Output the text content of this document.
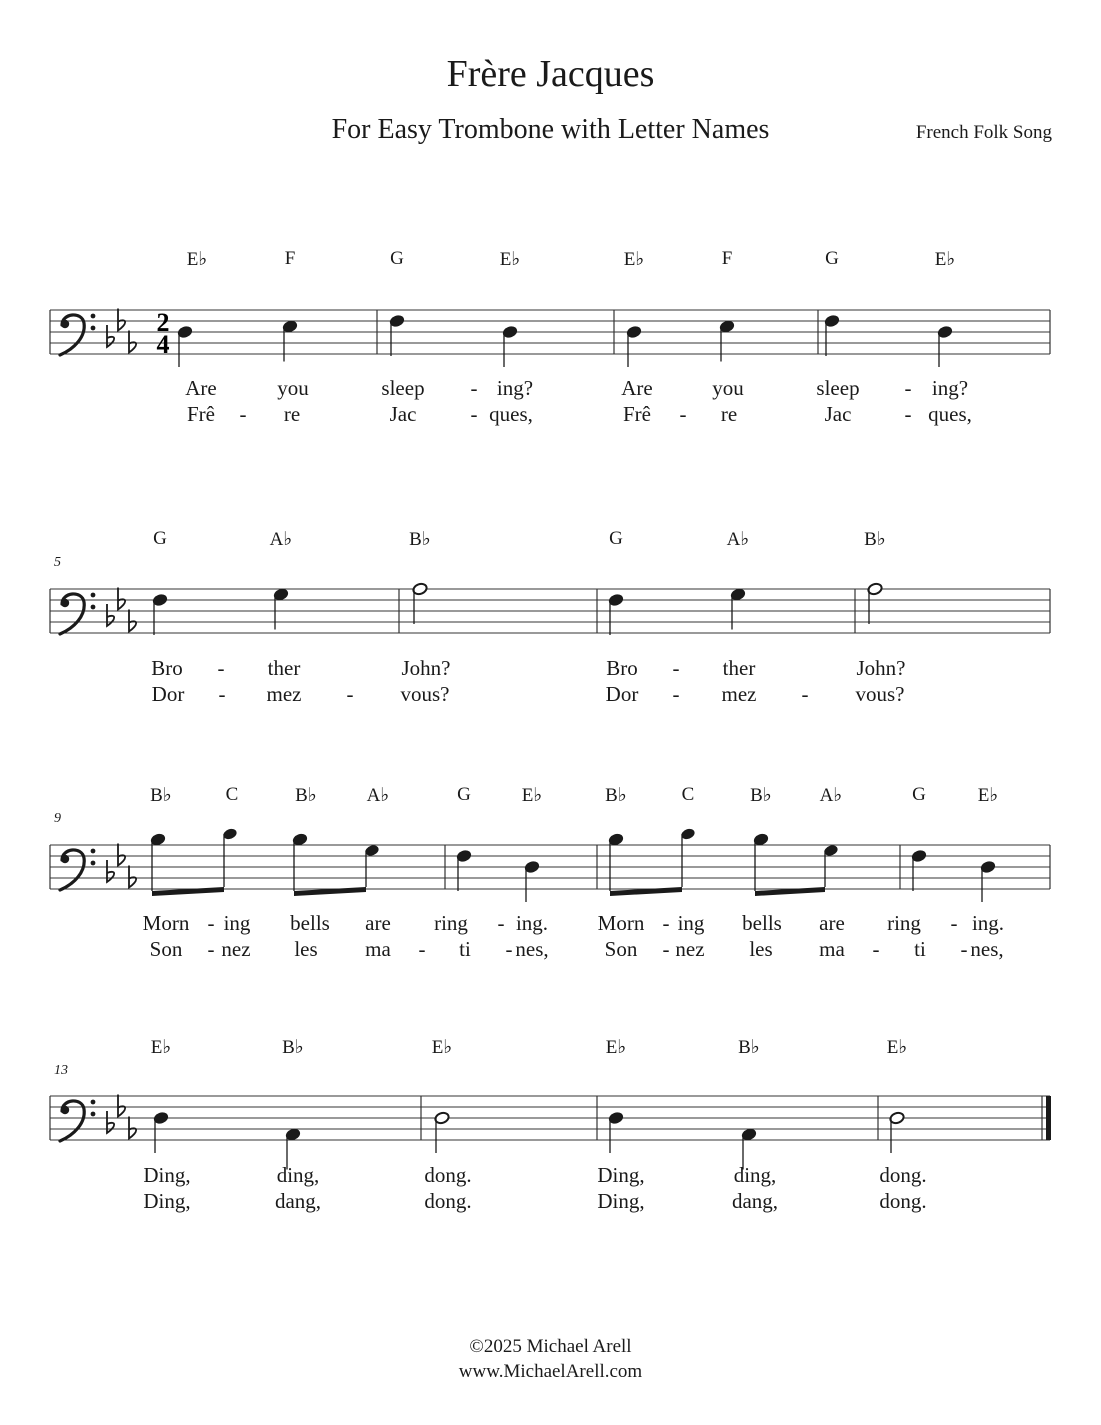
Frère Jacques
For Easy Trombone with Letter Names	French Folk Song
2
4
E♭	F	G	E♭	E♭	F	G	E♭
Are	you	sleep - ing?	Are	you	sleep - ing?
Frê - re	Jac	- ques,	Frê - re	Jac	- ques,
5
G	A♭	B♭	G	A♭	B♭
Bro - ther	John?	Bro - ther	John?
Dor - mez - vous?	Dor - mez - vous?
9
B♭	C	B♭	A♭	G	E♭	B♭	C	B♭	A♭	G	E♭
Morn - ing bells are ring - ing. Morn - ing bells are ring - ing.
Son - nez les ma - ti - nes,	Son - nez les ma - ti - nes,
13
E♭	B♭	E♭	E♭	B♭	E♭
Ding,	ding,	dong.	Ding,	ding,	dong.
Ding,	dang,	dong.	Ding,	dang,	dong.
©2025 Michael Arell
www.MichaelArell.com
